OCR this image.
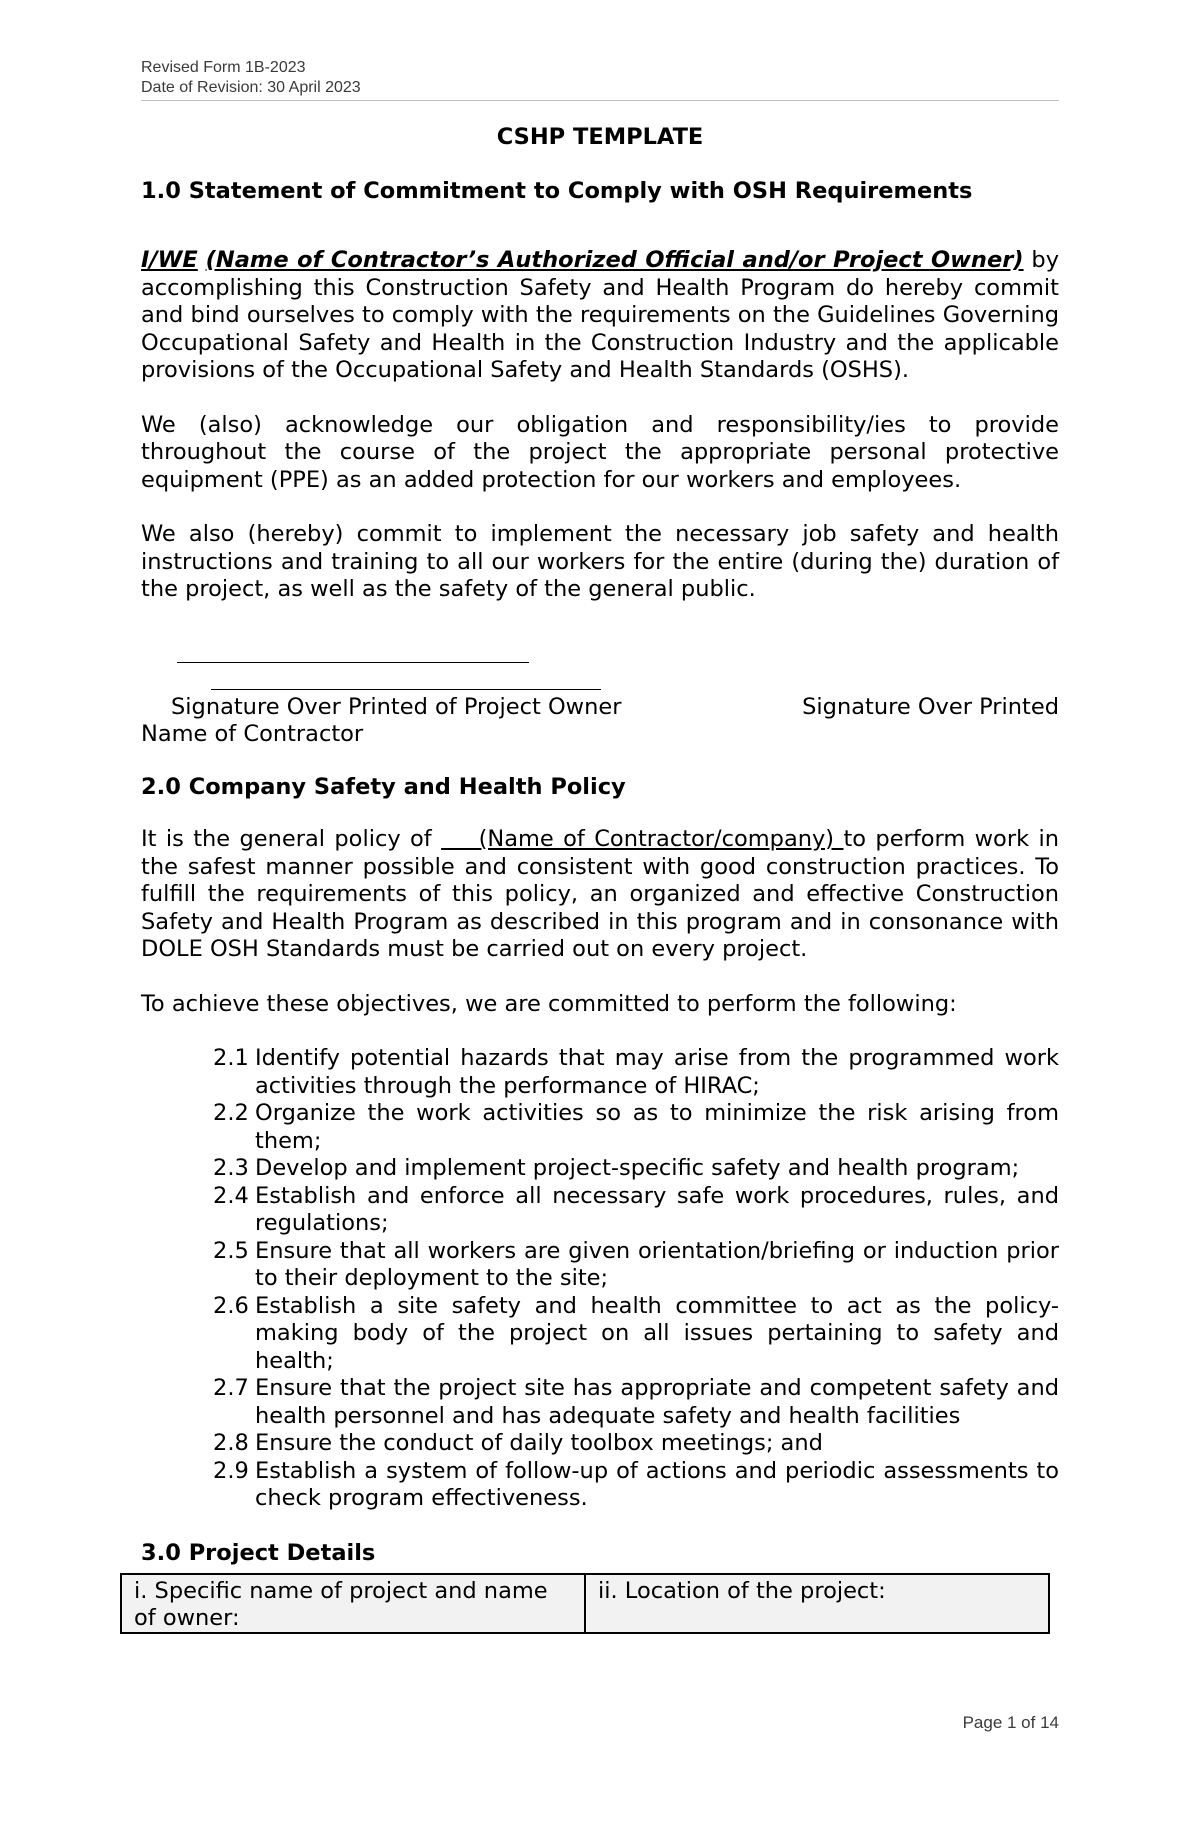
Revised Form 1B-2023
Date of Revision: 30 April 2023
CSHP TEMPLATE
1.0 Statement of Commitment to Comply with OSH Requirements

I/WE (Name of Contractor’s Authorized Official and/or Project Owner) by accomplishing this Construction Safety and Health Program do hereby commit and bind ourselves to comply with the requirements on the Guidelines Governing Occupational Safety and Health in the Construction Industry and the applicable provisions of the Occupational Safety and Health Standards (OSHS).

We (also) acknowledge our obligation and responsibility/ies to provide throughout the course of the project the appropriate personal protective equipment (PPE) as an added protection for our workers and employees.

We also (hereby) commit to implement the necessary job safety and health instructions and training to all our workers for the entire (during the) duration of the project, as well as the safety of the general public.

Signature Over Printed of Project Owner
Name of Contractor
Signature Over Printed
2.0 Company Safety and Health Policy

It is the general policy of     (Name of Contractor/company) to perform work in the safest manner possible and consistent with good construction practices. To fulfill the requirements of this policy, an organized and effective Construction Safety and Health Program as described in this program and in consonance with DOLE OSH Standards must be carried out on every project.

To achieve these objectives, we are committed to perform the following:

2.1 Identify potential hazards that may arise from the programmed work activities through the performance of HIRAC;
2.2 Organize the work activities so as to minimize the risk arising from them;
2.3 Develop and implement project-specific safety and health program;
2.4 Establish and enforce all necessary safe work procedures, rules, and regulations;
2.5 Ensure that all workers are given orientation/briefing or induction prior to their deployment to the site;
2.6 Establish a site safety and health committee to act as the policy-making body of the project on all issues pertaining to safety and health;
2.7 Ensure that the project site has appropriate and competent safety and health personnel and has adequate safety and health facilities
2.8 Ensure the conduct of daily toolbox meetings; and
2.9 Establish a system of follow-up of actions and periodic assessments to check program effectiveness.
3.0 Project Details
i. Specific name of project and name of owner:	ii. Location of the project:
Page 1 of 14
